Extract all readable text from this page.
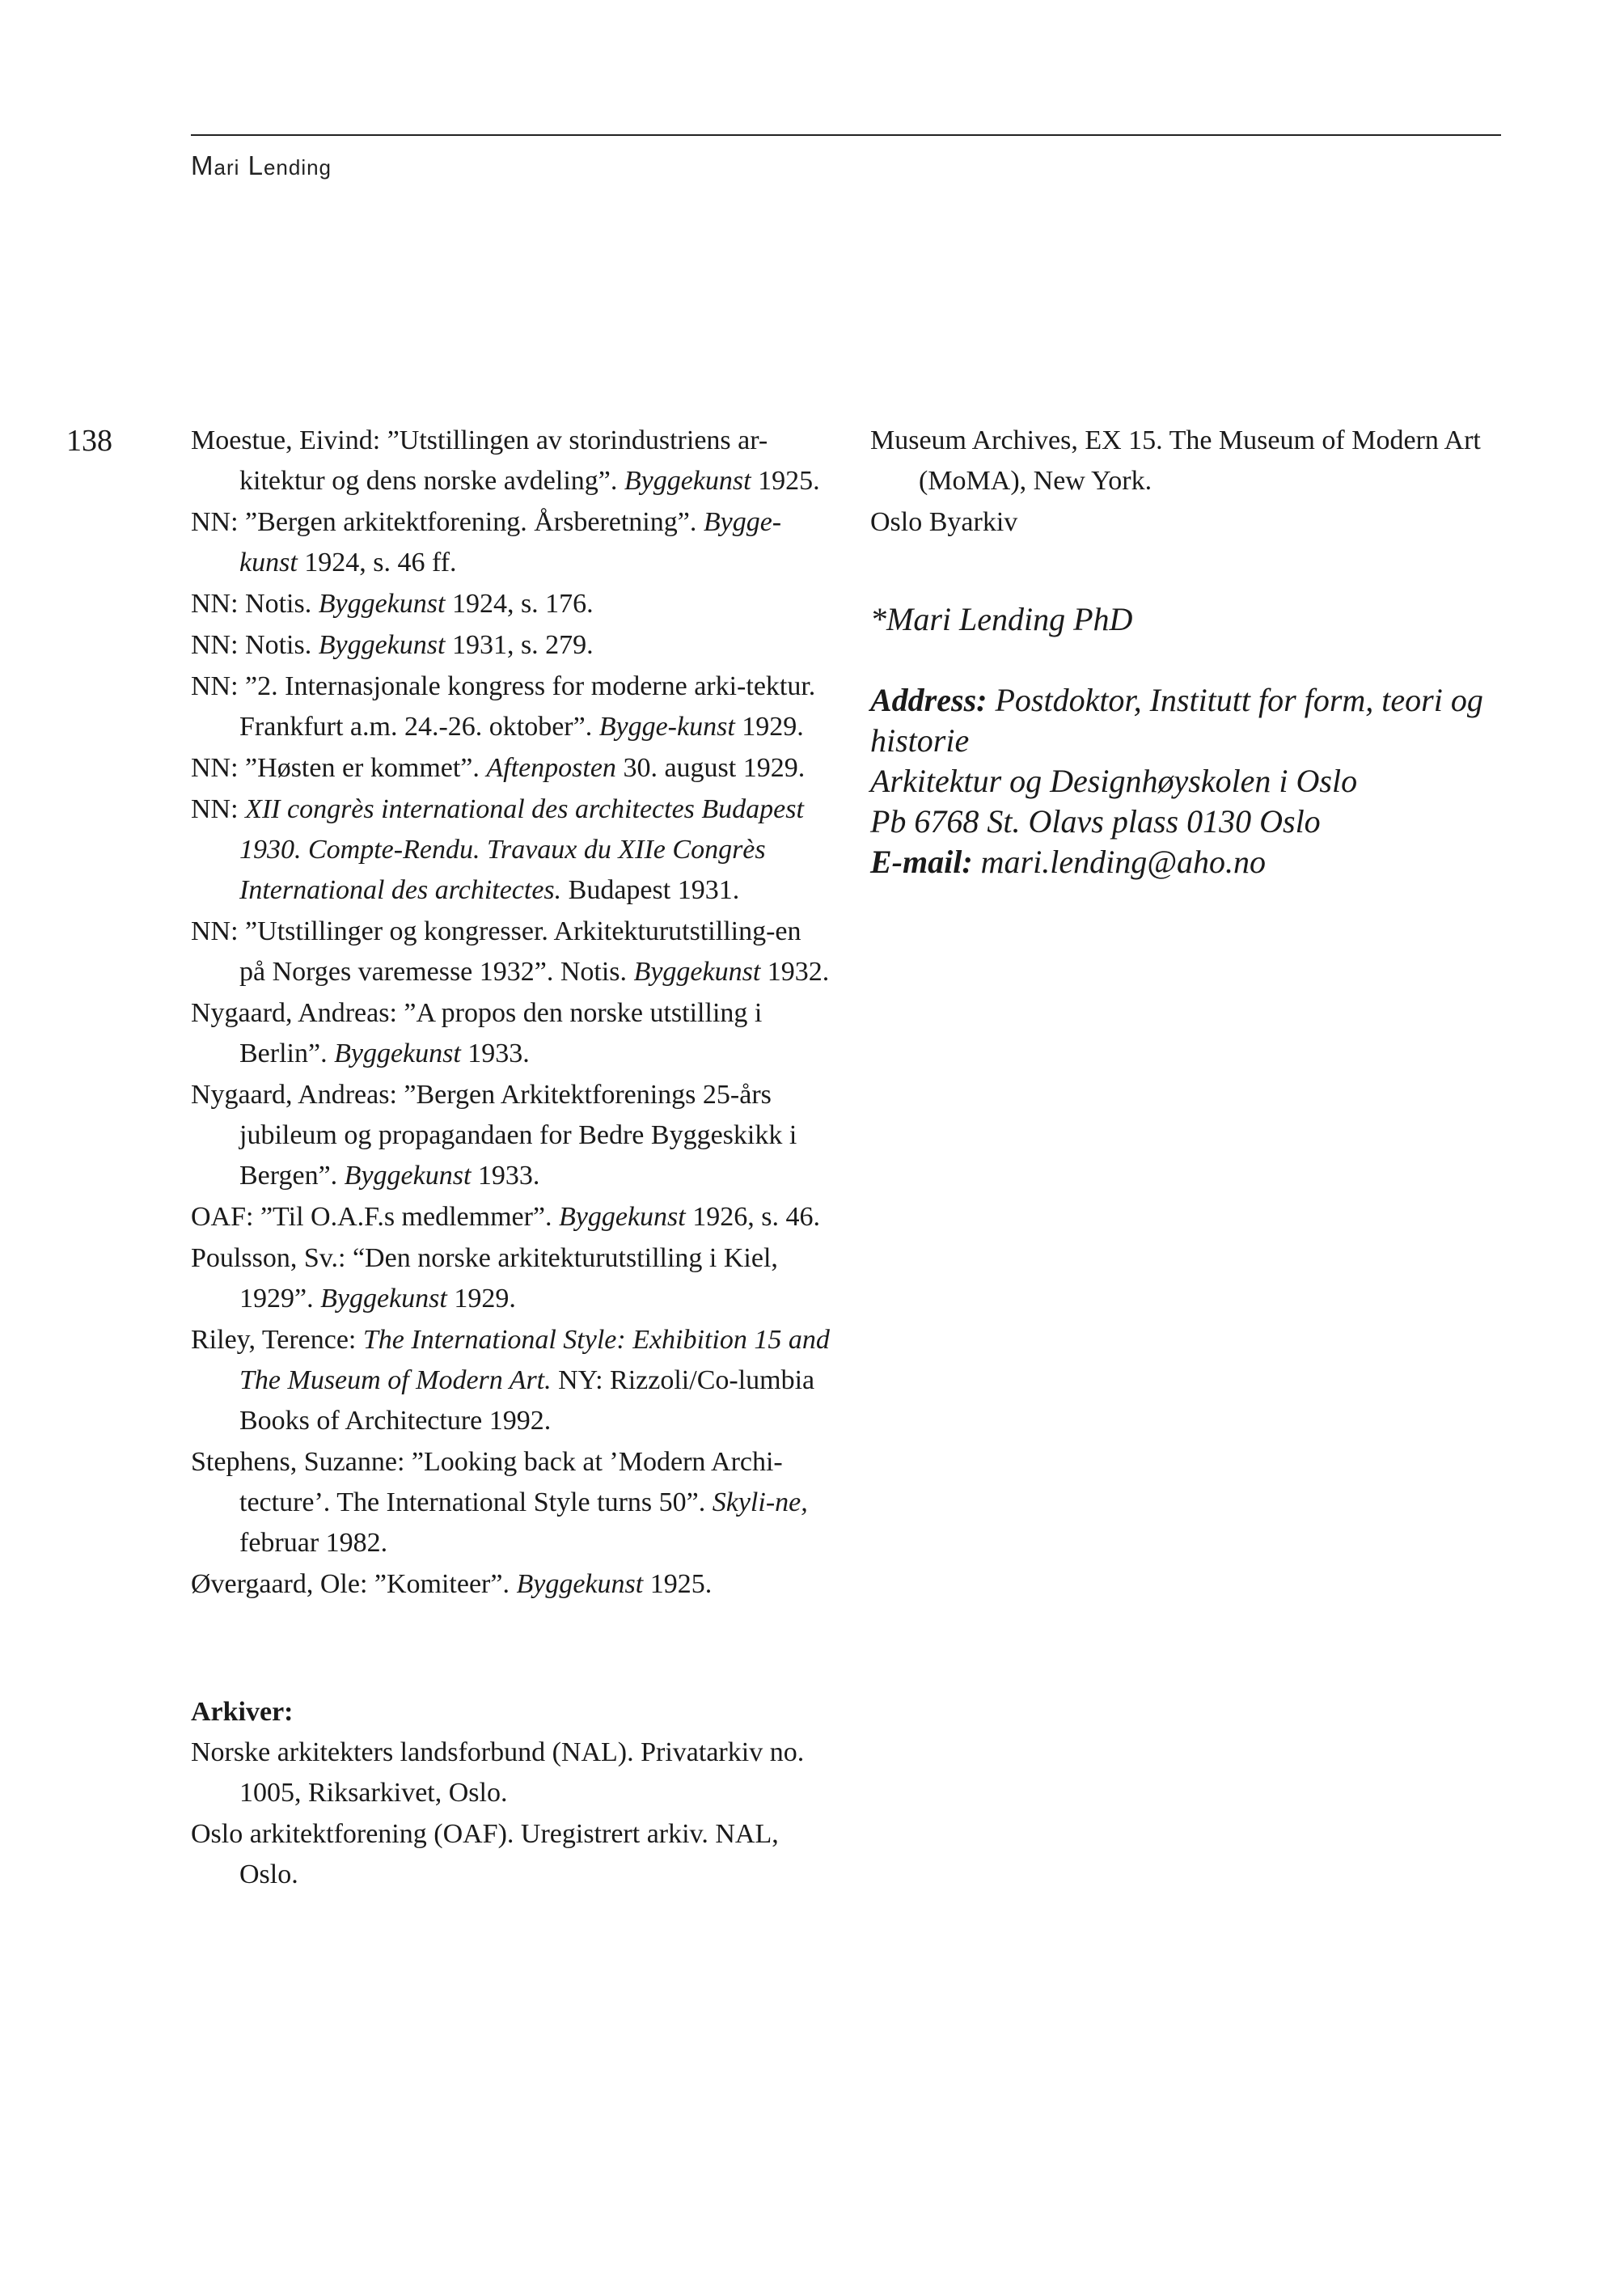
Mari Lending
138	Moestue, Eivind: ”Utstillingen av storindustriens ar-kitektur og dens norske avdeling”. Byggekunst 1925.
NN: ”Bergen arkitektforening. Årsberetning”. Bygge-kunst 1924, s. 46 ff.
NN: Notis. Byggekunst 1924, s. 176.
NN: Notis. Byggekunst 1931, s. 279.
NN: ”2. Internasjonale kongress for moderne arki-tektur. Frankfurt a.m. 24.-26. oktober”. Bygge-kunst 1929.
NN: ”Høsten er kommet”. Aftenposten 30. august 1929.
NN: XII congrès international des architectes Budapest 1930. Compte-Rendu. Travaux du XIIe Congrès International des architectes. Budapest 1931.
NN: ”Utstillinger og kongresser. Arkitekturutstilling-en på Norges varemesse 1932”. Notis. Byggekunst 1932.
Nygaard, Andreas: ”A propos den norske utstilling i Berlin”. Byggekunst 1933.
Nygaard, Andreas: ”Bergen Arkitektforenings 25-års jubileum og propagandaen for Bedre Byggeskikk i Bergen”. Byggekunst 1933.
OAF: ”Til O.A.F.s medlemmer”. Byggekunst 1926, s. 46.
Poulsson, Sv.: “Den norske arkitekturutstilling i Kiel, 1929”. Byggekunst 1929.
Riley, Terence: The International Style: Exhibition 15 and The Museum of Modern Art. NY: Rizzoli/Co-lumbia Books of Architecture 1992.
Stephens, Suzanne: ”Looking back at ’Modern Archi-tecture’. The International Style turns 50”. Skyli-ne, februar 1982.
Øvergaard, Ole: ”Komiteer”. Byggekunst 1925.
Arkiver:
Norske arkitekters landsforbund (NAL). Privatarkiv no. 1005, Riksarkivet, Oslo.
Oslo arkitektforening (OAF). Uregistrert arkiv. NAL, Oslo.
Museum Archives, EX 15. The Museum of Modern Art (MoMA), New York.
Oslo Byarkiv
*Mari Lending PhD
Address: Postdoktor, Institutt for form, teori og historie
Arkitektur og Designhøyskolen i Oslo
Pb 6768 St. Olavs plass 0130 Oslo
E-mail: mari.lending@aho.no
